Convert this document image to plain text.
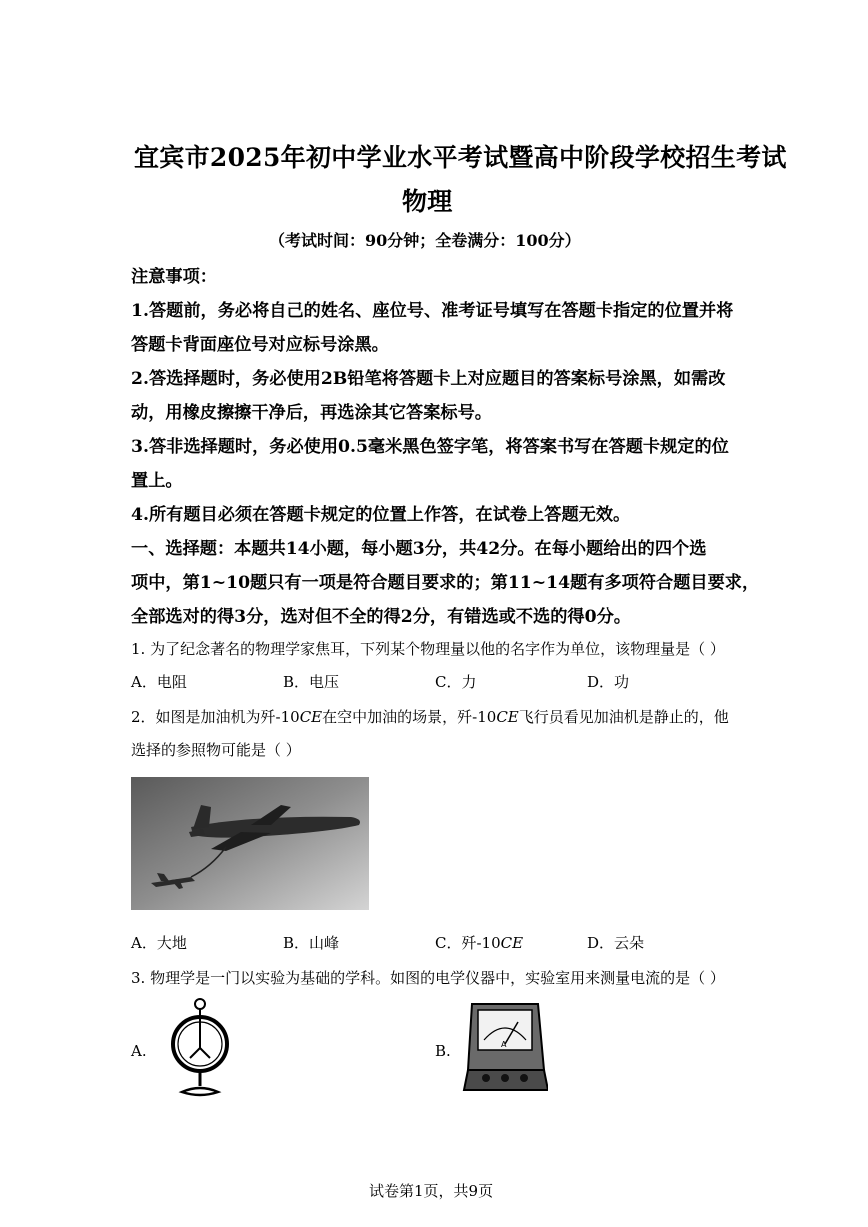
宜宾市2025年初中学业水平考试暨高中阶段学校招生考试
物理
（考试时间：90分钟；全卷满分：100分）
注意事项：
1.答题前，务必将自己的姓名、座位号、准考证号填写在答题卡指定的位置并将
答题卡背面座位号对应标号涂黑。
2.答选择题时，务必使用2B铅笔将答题卡上对应题目的答案标号涂黑，如需改
动，用橡皮擦擦干净后，再选涂其它答案标号。
3.答非选择题时，务必使用0.5毫米黑色签字笔，将答案书写在答题卡规定的位
置上。
4.所有题目必须在答题卡规定的位置上作答，在试卷上答题无效。
一、选择题：本题共14小题，每小题3分，共42分。在每小题给出的四个选
项中，第1~10题只有一项是符合题目要求的；第11~14题有多项符合题目要求，
全部选对的得3分，选对但不全的得2分，有错选或不选的得0分。
1. 为了纪念著名的物理学家焦耳，下列某个物理量以他的名字作为单位，该物理量是（ ）
A．电阻	B．电压	C．力	D．功
2．如图是加油机为歼-10CE在空中加油的场景，歼-10CE飞行员看见加油机是静止的，他
选择的参照物可能是（ ）
A．大地	B．山峰	C．歼-10CE	D．云朵
3. 物理学是一门以实验为基础的学科。如图的电学仪器中，实验室用来测量电流的是（ ）
A.	B.	A
试卷第1页，共9页
